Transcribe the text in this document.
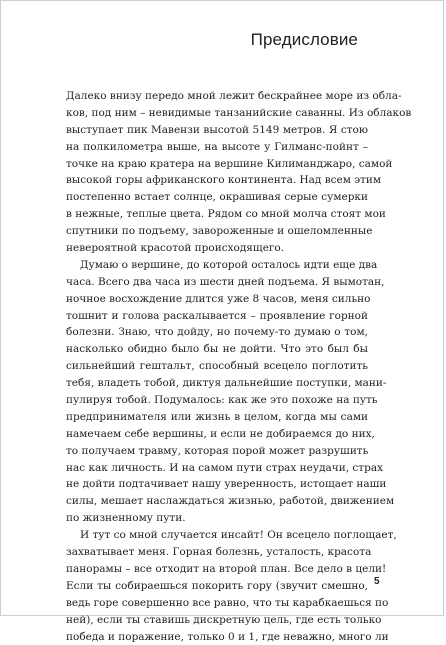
Предисловие
Далеко внизу передо мной лежит бескрайнее море из обла-
ков, под ним – невидимые танзанийские саванны. Из облаков
выступает пик Мавензи высотой 5149 метров. Я стою
на полкилометра выше, на высоте у Гилманс-пойнт –
точке на краю кратера на вершине Килиманджаро, самой
высокой горы африканского континента. Над всем этим
постепенно встает солнце, окрашивая серые сумерки
в нежные, теплые цвета. Рядом со мной молча стоят мои
спутники по подъему, завороженные и ошеломленные
невероятной красотой происходящего.
Думаю о вершине, до которой осталось идти еще два
часа. Всего два часа из шести дней подъема. Я вымотан,
ночное восхождение длится уже 8 часов, меня сильно
тошнит и голова раскалывается – проявление горной
болезни. Знаю, что дойду, но почему-то думаю о том,
насколько обидно было бы не дойти. Что это был бы
сильнейший гештальт, способный всецело поглотить
тебя, владеть тобой, диктуя дальнейшие поступки, мани-
пулируя тобой. Подумалось: как же это похоже на путь
предпринимателя или жизнь в целом, когда мы сами
намечаем себе вершины, и если не добираемся до них,
то получаем травму, которая порой может разрушить
нас как личность. И на самом пути страх неудачи, страх
не дойти подтачивает нашу уверенность, истощает наши
силы, мешает наслаждаться жизнью, работой, движением
по жизненному пути.
И тут со мной случается инсайт! Он всецело поглощает,
захватывает меня. Горная болезнь, усталость, красота
панорамы – все отходит на второй план. Все дело в цели!
Если ты собираешься покорить гору (звучит смешно,
ведь горе совершенно все равно, что ты карабкаешься по
ней), если ты ставишь дискретную цель, где есть только
победа и поражение, только 0 и 1, где неважно, много ли
5
